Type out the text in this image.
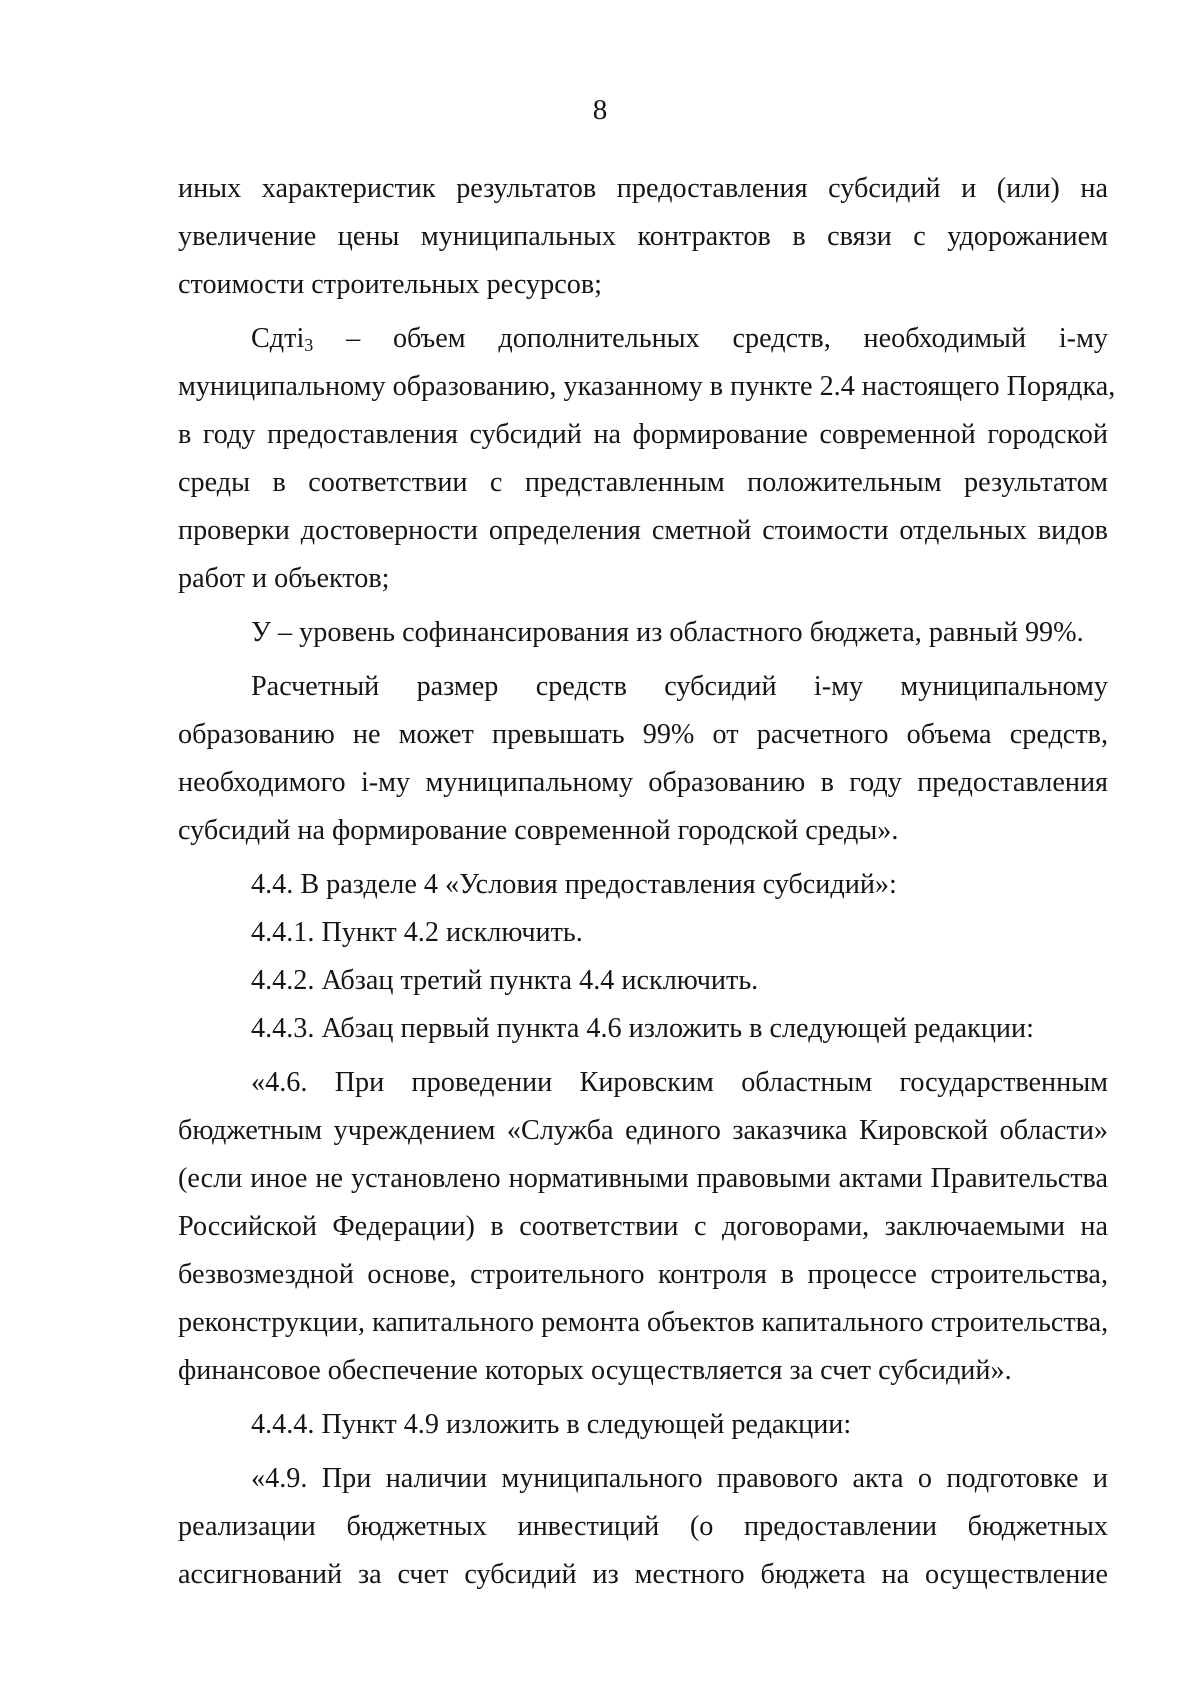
8
иных характеристик результатов предоставления субсидий и (или) на
увеличение цены муниципальных контрактов в связи с удорожанием
стоимости строительных ресурсов;
Сдтi$_3$ – объем дополнительных средств, необходимый i-му
муниципальному образованию, указанному в пункте 2.4 настоящего Порядка,
в году предоставления субсидий на формирование современной городской
среды в соответствии с представленным положительным результатом
проверки достоверности определения сметной стоимости отдельных видов
работ и объектов;
У – уровень софинансирования из областного бюджета, равный 99%.
Расчетный размер средств субсидий i-му муниципальному
образованию не может превышать 99% от расчетного объема средств,
необходимого i-му муниципальному образованию в году предоставления
субсидий на формирование современной городской среды».
4.4. В разделе 4 «Условия предоставления субсидий»:
4.4.1. Пункт 4.2 исключить.
4.4.2. Абзац третий пункта 4.4 исключить.
4.4.3. Абзац первый пункта 4.6 изложить в следующей редакции:
«4.6. При проведении Кировским областным государственным
бюджетным учреждением «Служба единого заказчика Кировской области»
(если иное не установлено нормативными правовыми актами Правительства
Российской Федерации) в соответствии с договорами, заключаемыми на
безвозмездной основе, строительного контроля в процессе строительства,
реконструкции, капитального ремонта объектов капитального строительства,
финансовое обеспечение которых осуществляется за счет субсидий».
4.4.4. Пункт 4.9 изложить в следующей редакции:
«4.9. При наличии муниципального правового акта о подготовке и
реализации бюджетных инвестиций (о предоставлении бюджетных
ассигнований за счет субсидий из местного бюджета на осуществление
